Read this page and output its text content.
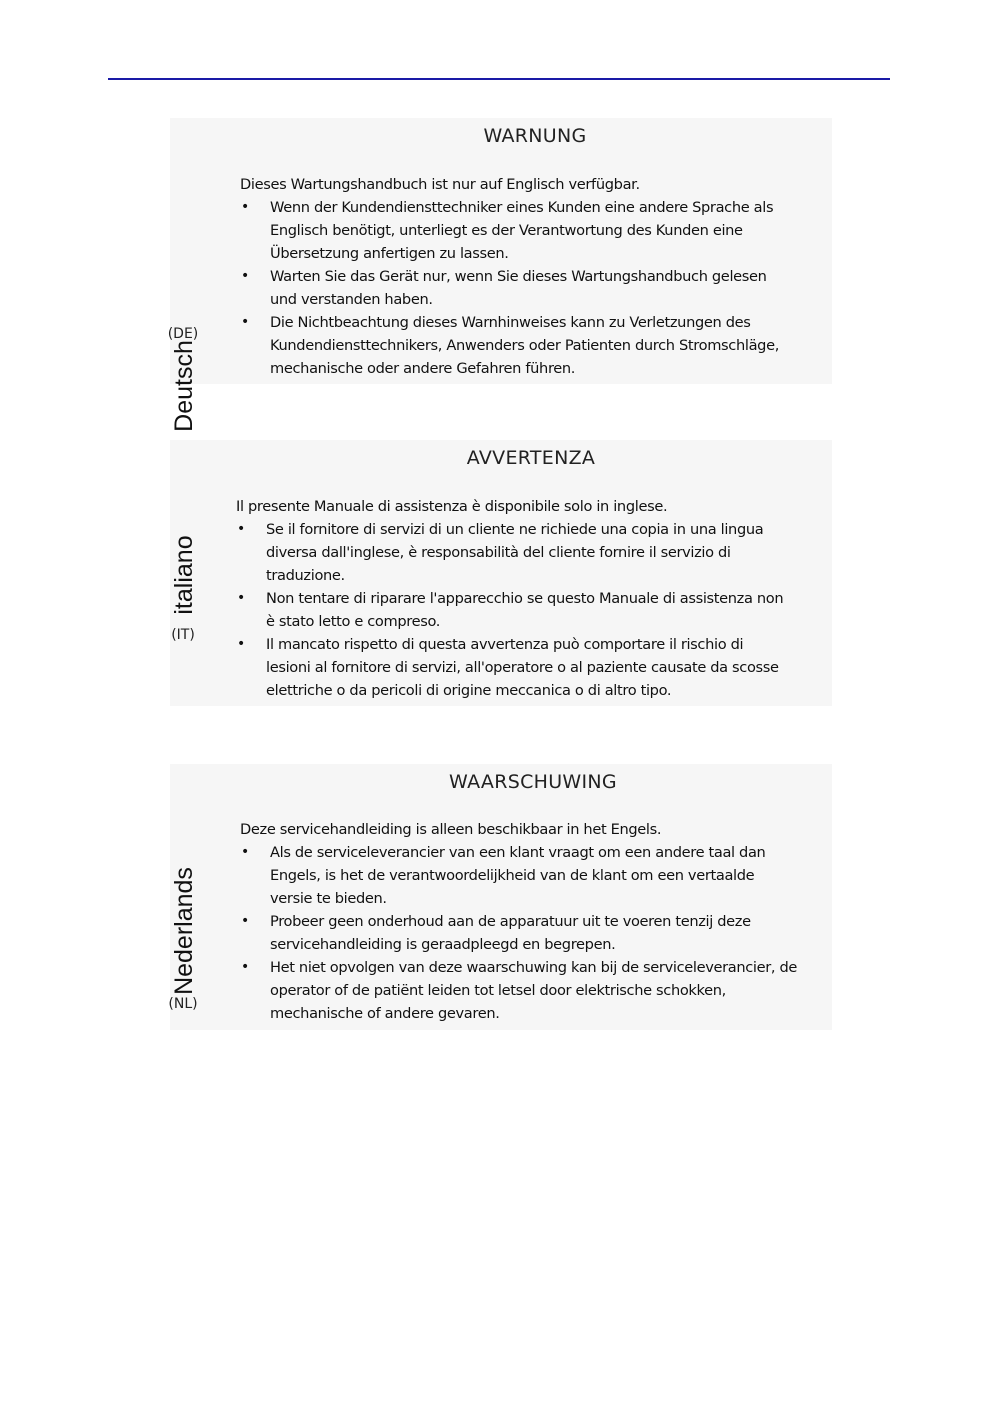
Deutsch
(DE)
WARNUNG
Dieses Wartungshandbuch ist nur auf Englisch verfügbar.
• Wenn der Kundendiensttechniker eines Kunden eine andere Sprache als
Englisch benötigt, unterliegt es der Verantwortung des Kunden eine
Übersetzung anfertigen zu lassen.
• Warten Sie das Gerät nur, wenn Sie dieses Wartungshandbuch gelesen
und verstanden haben.
• Die Nichtbeachtung dieses Warnhinweises kann zu Verletzungen des
Kundendiensttechnikers, Anwenders oder Patienten durch Stromschläge,
mechanische oder andere Gefahren führen.
italiano
(IT)
AVVERTENZA
Il presente Manuale di assistenza è disponibile solo in inglese.
• Se il fornitore di servizi di un cliente ne richiede una copia in una lingua
diversa dall'inglese, è responsabilità del cliente fornire il servizio di
traduzione.
• Non tentare di riparare l'apparecchio se questo Manuale di assistenza non
è stato letto e compreso.
• Il mancato rispetto di questa avvertenza può comportare il rischio di
lesioni al fornitore di servizi, all'operatore o al paziente causate da scosse
elettriche o da pericoli di origine meccanica o di altro tipo.
Nederlands
(NL)
WAARSCHUWING
Deze servicehandleiding is alleen beschikbaar in het Engels.
• Als de serviceleverancier van een klant vraagt om een andere taal dan
Engels, is het de verantwoordelijkheid van de klant om een vertaalde
versie te bieden.
• Probeer geen onderhoud aan de apparatuur uit te voeren tenzij deze
servicehandleiding is geraadpleegd en begrepen.
• Het niet opvolgen van deze waarschuwing kan bij de serviceleverancier, de
operator of de patiënt leiden tot letsel door elektrische schokken,
mechanische of andere gevaren.
